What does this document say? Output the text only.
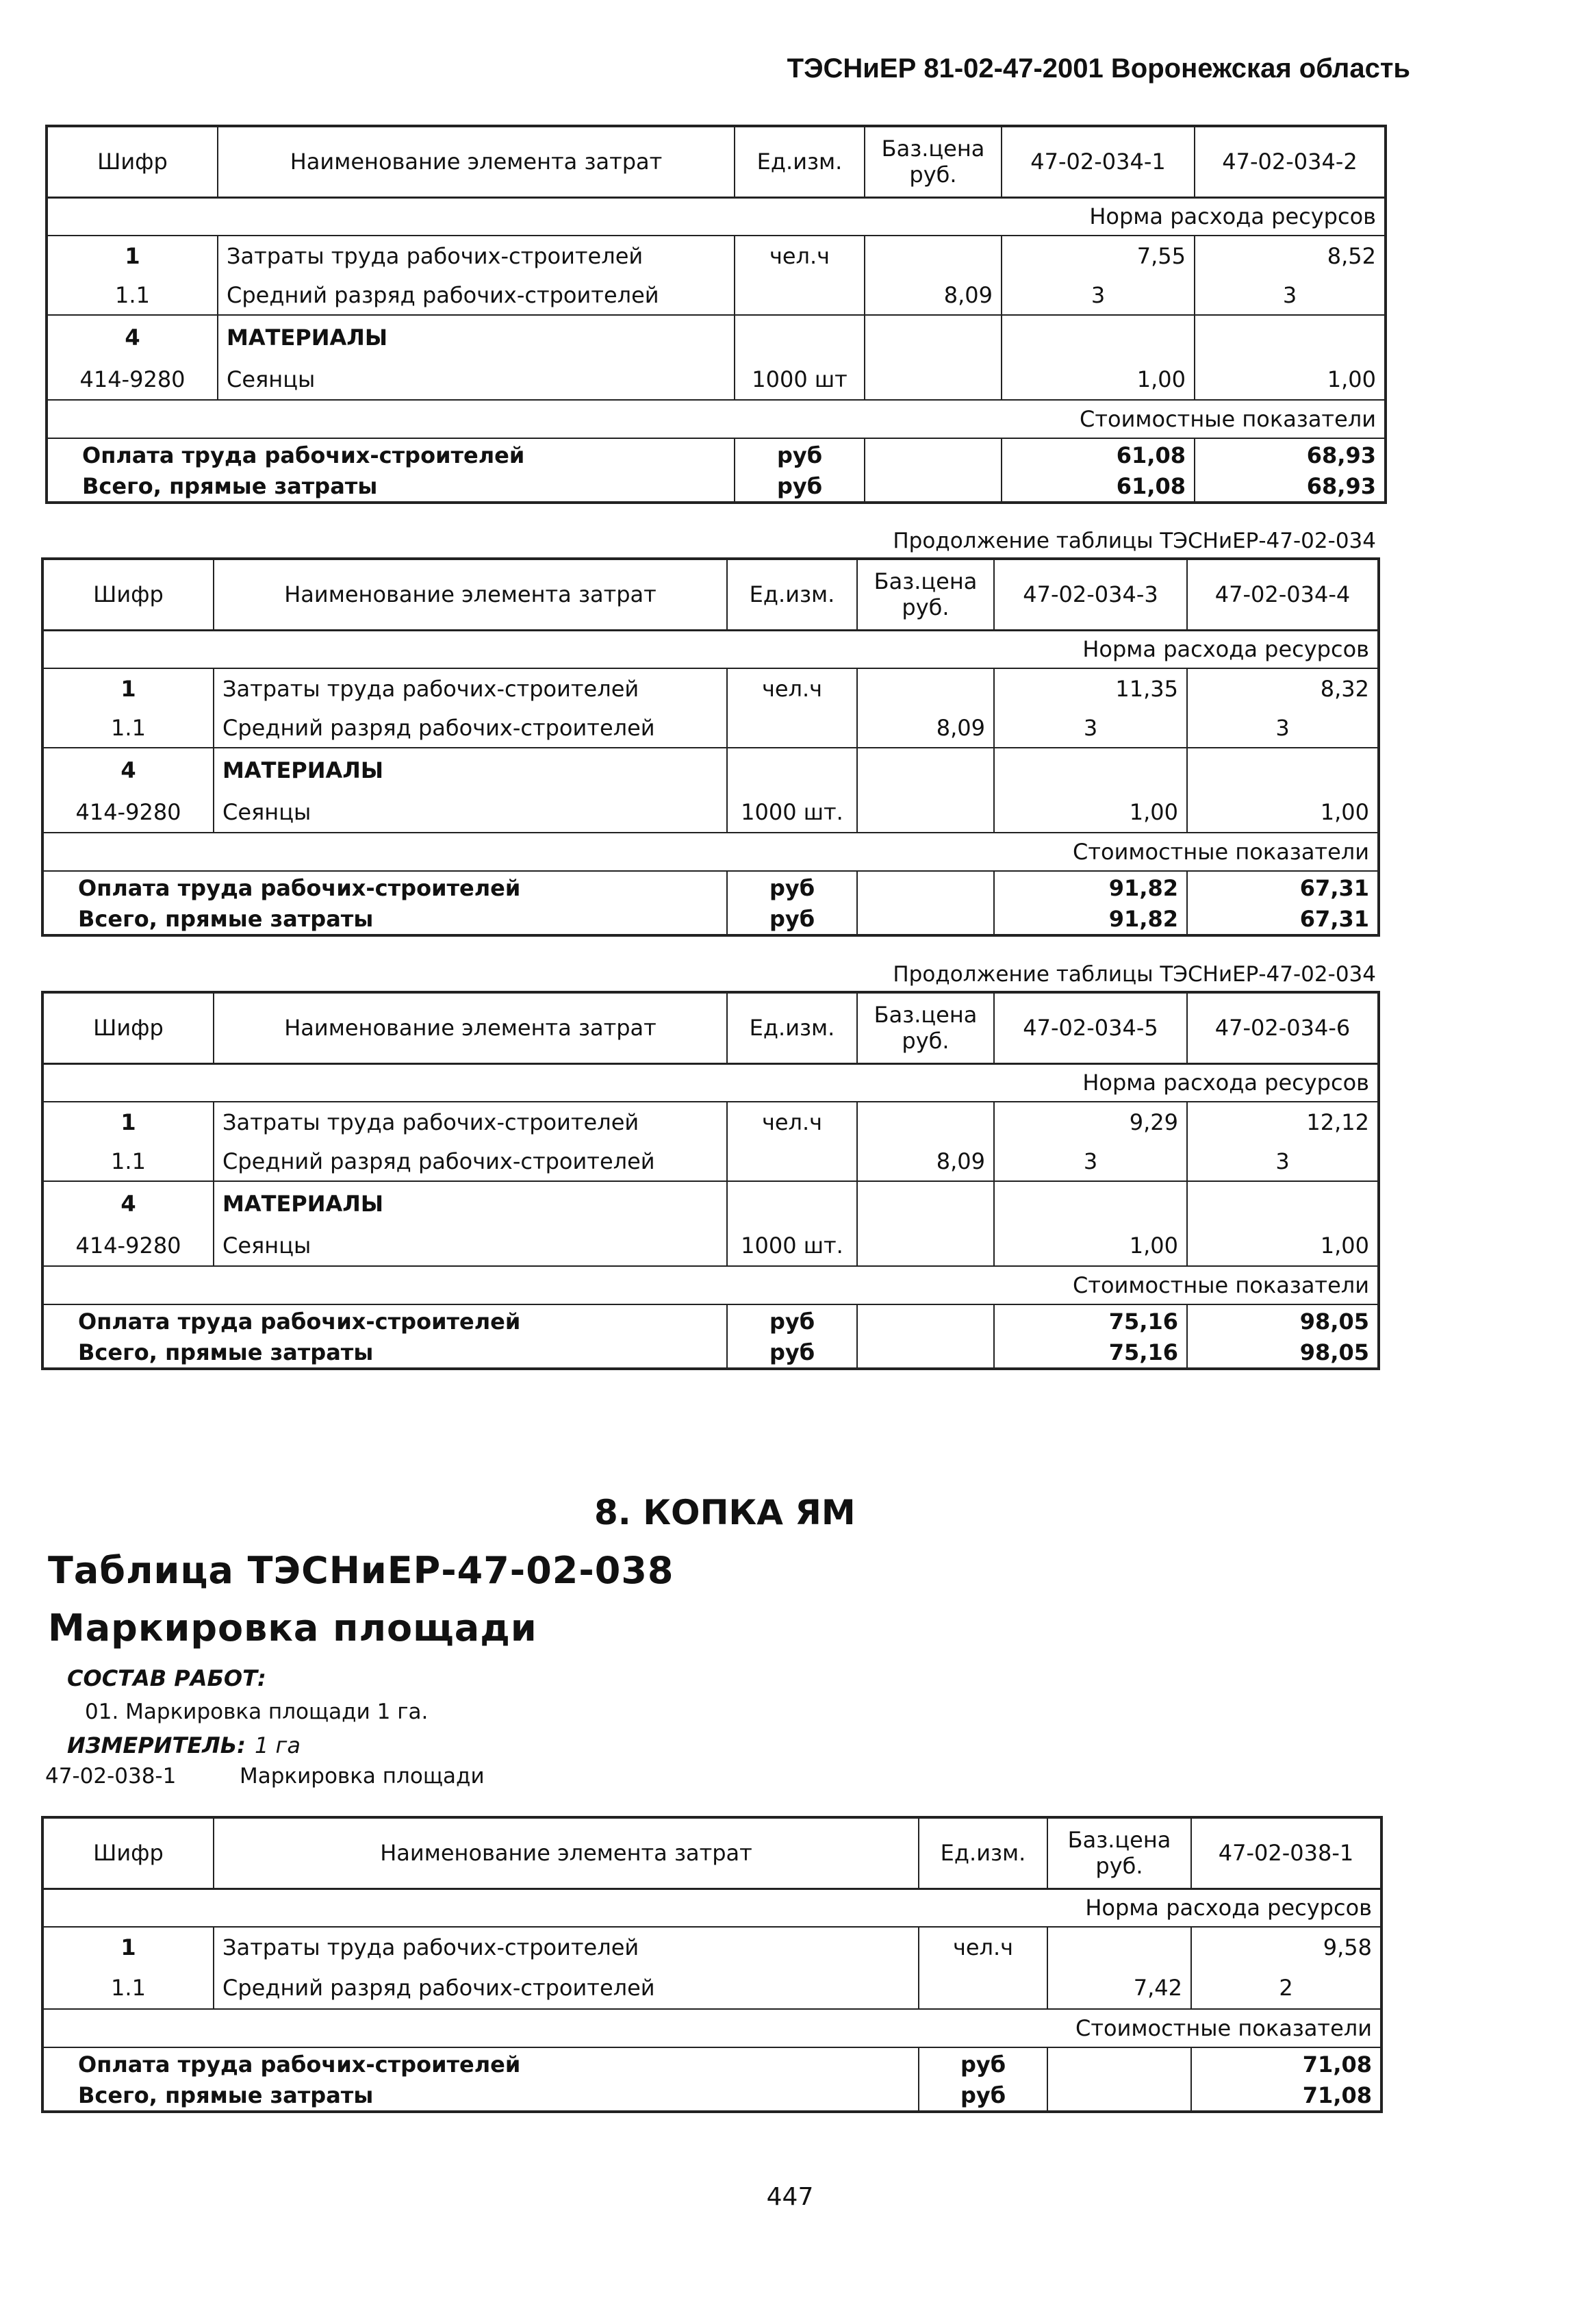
ТЭСНиЕР 81-02-47-2001 Воронежская область
Шифр	Наименование элемента затрат	Ед.изм.	Баз.цена руб.	47-02-034-1	47-02-034-2
Норма расхода ресурсов					
1	Затраты труда рабочих-строителей	чел.ч		7,55	8,52
1.1	Средний разряд рабочих-строителей		8,09	3	3
4	МАТЕРИАЛЫ				
414-9280	Сеянцы	1000 шт		1,00	1,00
Стоимостные показатели					
Оплата труда рабочих-строителей		руб		61,08	68,93
Всего, прямые затраты		руб		61,08	68,93
Продолжение таблицы ТЭСНиЕР-47-02-034
Шифр	Наименование элемента затрат	Ед.изм.	Баз.цена руб.	47-02-034-3	47-02-034-4
Норма расхода ресурсов					
1	Затраты труда рабочих-строителей	чел.ч		11,35	8,32
1.1	Средний разряд рабочих-строителей		8,09	3	3
4	МАТЕРИАЛЫ				
414-9280	Сеянцы	1000 шт.		1,00	1,00
Стоимостные показатели					
Оплата труда рабочих-строителей		руб		91,82	67,31
Всего, прямые затраты		руб		91,82	67,31
Продолжение таблицы ТЭСНиЕР-47-02-034
Шифр	Наименование элемента затрат	Ед.изм.	Баз.цена руб.	47-02-034-5	47-02-034-6
Норма расхода ресурсов					
1	Затраты труда рабочих-строителей	чел.ч		9,29	12,12
1.1	Средний разряд рабочих-строителей		8,09	3	3
4	МАТЕРИАЛЫ				
414-9280	Сеянцы	1000 шт.		1,00	1,00
Стоимостные показатели					
Оплата труда рабочих-строителей		руб		75,16	98,05
Всего, прямые затраты		руб		75,16	98,05
8. КОПКА ЯМ
Таблица ТЭСНиЕР-47-02-038
Маркировка площади
СОСТАВ РАБОТ:
01. Маркировка площади 1 га.
ИЗМЕРИТЕЛЬ: 1 га
47-02-038-1	Маркировка площади
Шифр	Наименование элемента затрат	Ед.изм.	Баз.цена руб.	47-02-038-1
Норма расхода ресурсов				
1	Затраты труда рабочих-строителей	чел.ч		9,58
1.1	Средний разряд рабочих-строителей		7,42	2
Стоимостные показатели				
Оплата труда рабочих-строителей		руб		71,08
Всего, прямые затраты		руб		71,08
447
